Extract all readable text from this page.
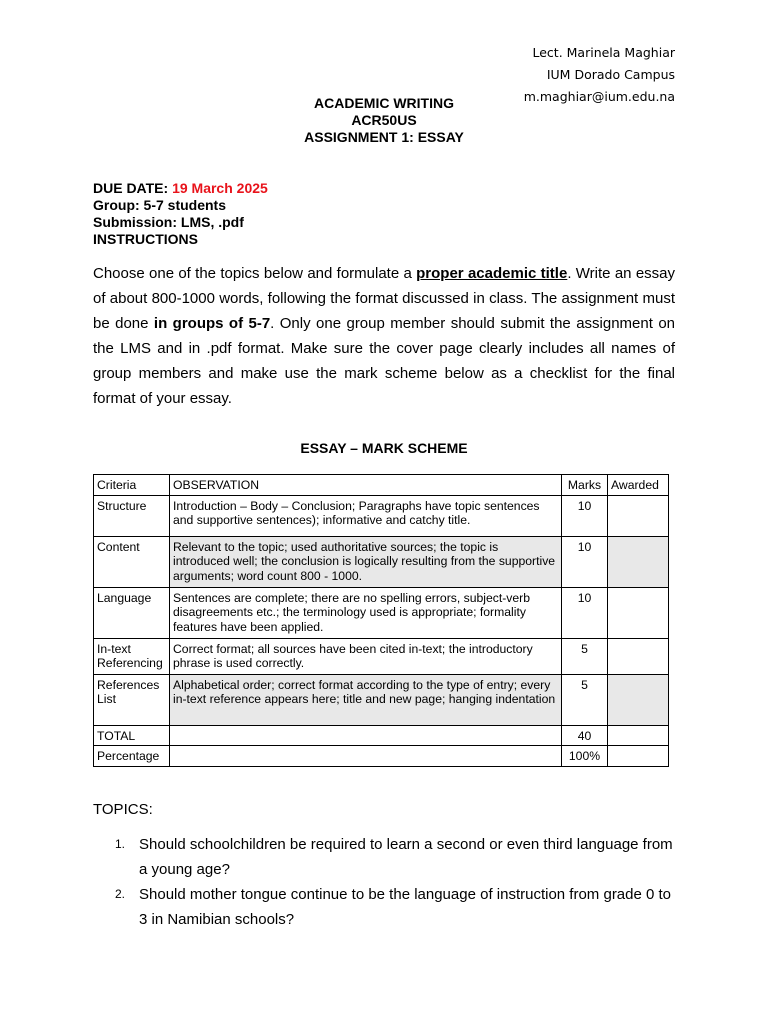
Lect. Marinela Maghiar
IUM Dorado Campus
m.maghiar@ium.edu.na
ACADEMIC WRITING
ACR50US
ASSIGNMENT 1: ESSAY
DUE DATE: 19 March 2025
Group: 5-7 students
Submission: LMS, .pdf
INSTRUCTIONS

Choose one of the topics below and formulate a proper academic title. Write an essay of about 800-1000 words, following the format discussed in class. The assignment must be done in groups of 5-7. Only one group member should submit the assignment on the LMS and in .pdf format. Make sure the cover page clearly includes all names of group members and make use the mark scheme below as a checklist for the final format of your essay.

ESSAY – MARK SCHEME
Criteria	OBSERVATION	Marks	Awarded
Structure	Introduction – Body – Conclusion; Paragraphs have topic sentences and supportive sentences); informative and catchy title.	10	
Content	Relevant to the topic; used authoritative sources; the topic is introduced well; the conclusion is logically resulting from the supportive arguments; word count 800 - 1000.	10	
Language	Sentences are complete; there are no spelling errors, subject-verb disagreements etc.; the terminology used is appropriate; formality features have been applied.	10	
In-text Referencing	Correct format; all sources have been cited in-text; the introductory phrase is used correctly.	5	
References List	Alphabetical order; correct format according to the type of entry; every in-text reference appears here; title and new page; hanging indentation	5	
TOTAL		40	
Percentage		100%	
TOPICS:
1. Should schoolchildren be required to learn a second or even third language from a young age?
2. Should mother tongue continue to be the language of instruction from grade 0 to 3 in Namibian schools?
